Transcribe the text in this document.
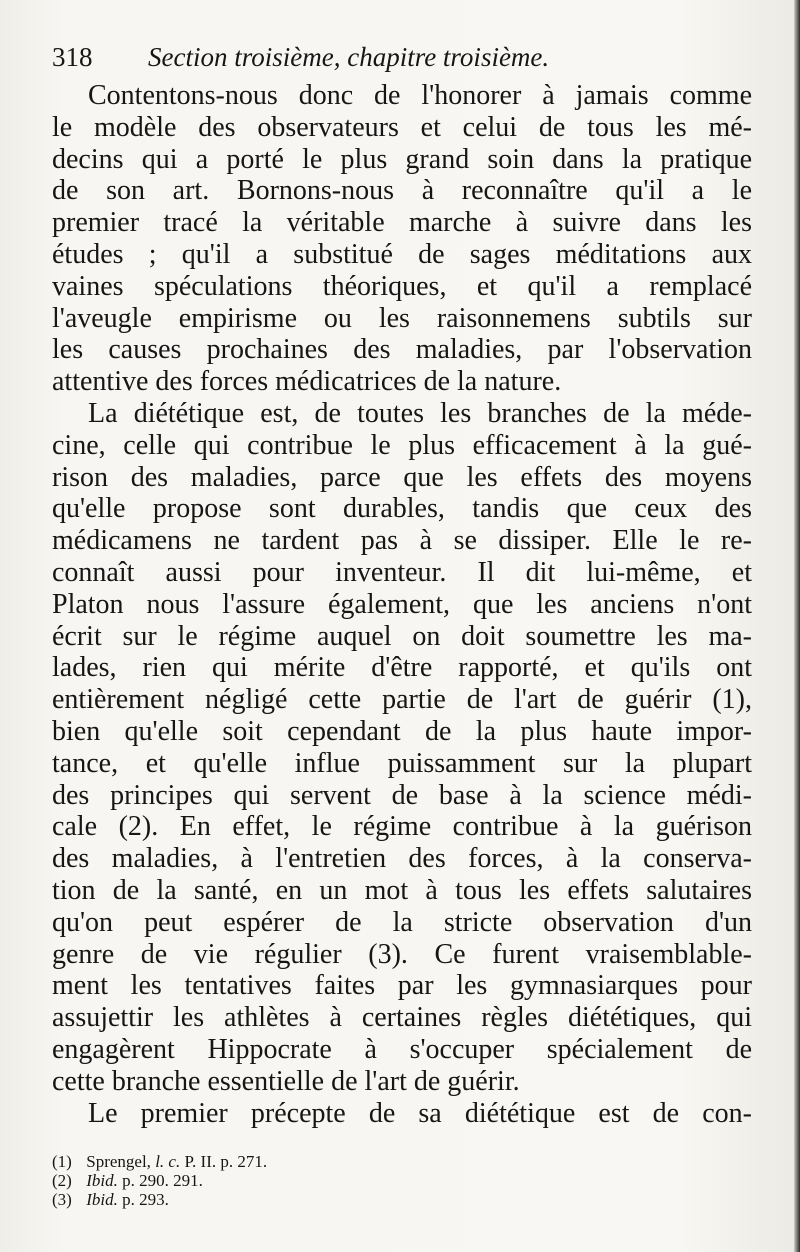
318 Section troisième, chapitre troisième.
Contentons-nous donc de l'honorer à jamais comme
le modèle des observateurs et celui de tous les mé-
decins qui a porté le plus grand soin dans la pratique
de son art. Bornons-nous à reconnaître qu'il a le
premier tracé la véritable marche à suivre dans les
études ; qu'il a substitué de sages méditations aux
vaines spéculations théoriques, et qu'il a remplacé
l'aveugle empirisme ou les raisonnemens subtils sur
les causes prochaines des maladies, par l'observation
attentive des forces médicatrices de la nature.
La diététique est, de toutes les branches de la méde-
cine, celle qui contribue le plus efficacement à la gué-
rison des maladies, parce que les effets des moyens
qu'elle propose sont durables, tandis que ceux des
médicamens ne tardent pas à se dissiper. Elle le re-
connaît aussi pour inventeur. Il dit lui-même, et
Platon nous l'assure également, que les anciens n'ont
écrit sur le régime auquel on doit soumettre les ma-
lades, rien qui mérite d'être rapporté, et qu'ils ont
entièrement négligé cette partie de l'art de guérir (1),
bien qu'elle soit cependant de la plus haute impor-
tance, et qu'elle influe puissamment sur la plupart
des principes qui servent de base à la science médi-
cale (2). En effet, le régime contribue à la guérison
des maladies, à l'entretien des forces, à la conserva-
tion de la santé, en un mot à tous les effets salutaires
qu'on peut espérer de la stricte observation d'un
genre de vie régulier (3). Ce furent vraisemblable-
ment les tentatives faites par les gymnasiarques pour
assujettir les athlètes à certaines règles diététiques, qui
engagèrent Hippocrate à s'occuper spécialement de
cette branche essentielle de l'art de guérir.
Le premier précepte de sa diététique est de con-
(1) Sprengel, l. c. P. II. p. 271.
(2) Ibid. p. 290. 291.
(3) Ibid. p. 293.
